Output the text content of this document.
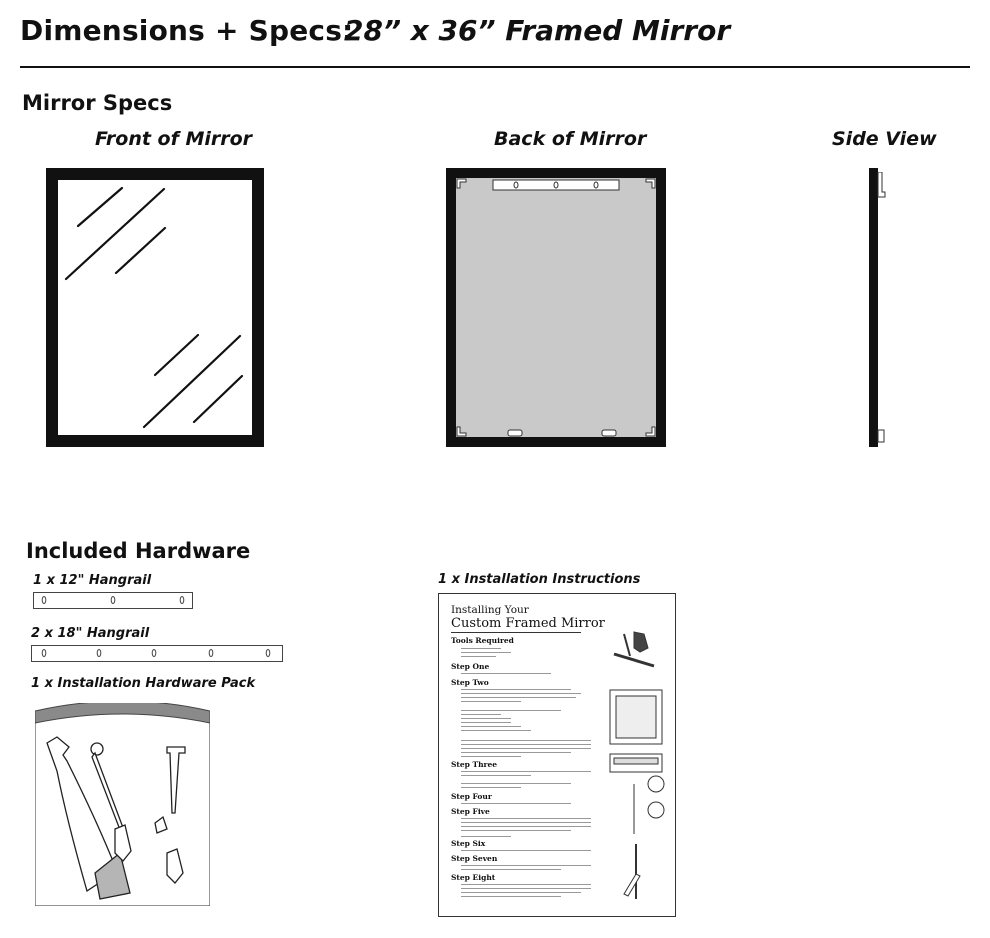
Dimensions + Specs:
28” x 36” Framed Mirror
Mirror Specs
Front of Mirror	Back of Mirror	Side View
Included Hardware
1 x 12" Hangrail
2 x 18" Hangrail
1 x Installation Hardware Pack
1 x Installation Instructions
Installing Your
Custom Framed Mirror
Tools Required
Step One
Step Two
Step Three
Step Four
Step Five
Step Six
Step Seven
Step Eight
